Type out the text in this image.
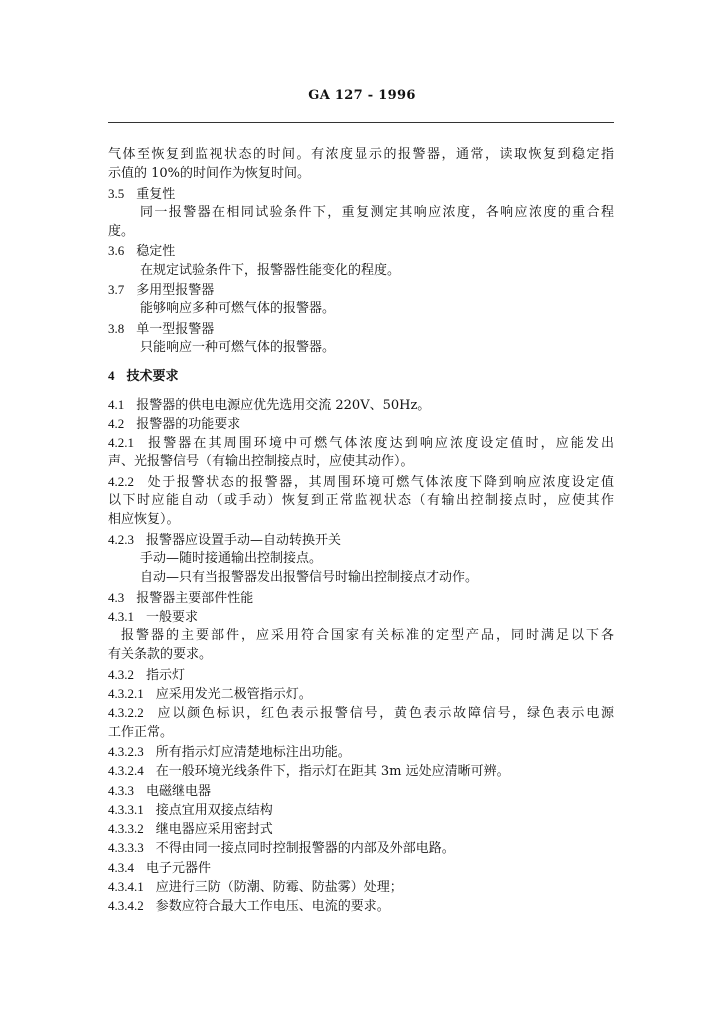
GA 127 - 1996
气体至恢复到监视状态的时间。有浓度显示的报警器，通常，读取恢复到稳定指
示值的 10%的时间作为恢复时间。
3.5 重复性
同一报警器在相同试验条件下，重复测定其响应浓度，各响应浓度的重合程
度。
3.6 稳定性
在规定试验条件下，报警器性能变化的程度。
3.7 多用型报警器
能够响应多种可燃气体的报警器。
3.8 单一型报警器
只能响应一种可燃气体的报警器。
4 技术要求
4.1 报警器的供电电源应优先选用交流 220V、50Hz。
4.2 报警器的功能要求
4.2.1 报警器在其周围环境中可燃气体浓度达到响应浓度设定值时，应能发出
声、光报警信号（有输出控制接点时，应使其动作）。
4.2.2 处于报警状态的报警器，其周围环境可燃气体浓度下降到响应浓度设定值
以下时应能自动（或手动）恢复到正常监视状态（有输出控制接点时，应使其作
相应恢复）。
4.2.3 报警器应设置手动—自动转换开关
手动—随时接通输出控制接点。
自动—只有当报警器发出报警信号时输出控制接点才动作。
4.3 报警器主要部件性能
4.3.1 一般要求
报警器的主要部件，应采用符合国家有关标准的定型产品，同时满足以下各
有关条款的要求。
4.3.2 指示灯
4.3.2.1 应采用发光二极管指示灯。
4.3.2.2 应以颜色标识，红色表示报警信号，黄色表示故障信号，绿色表示电源
工作正常。
4.3.2.3 所有指示灯应清楚地标注出功能。
4.3.2.4 在一般环境光线条件下，指示灯在距其 3m 远处应清晰可辨。
4.3.3 电磁继电器
4.3.3.1 接点宜用双接点结构
4.3.3.2 继电器应采用密封式
4.3.3.3 不得由同一接点同时控制报警器的内部及外部电路。
4.3.4 电子元器件
4.3.4.1 应进行三防（防潮、防霉、防盐雾）处理；
4.3.4.2 参数应符合最大工作电压、电流的要求。
